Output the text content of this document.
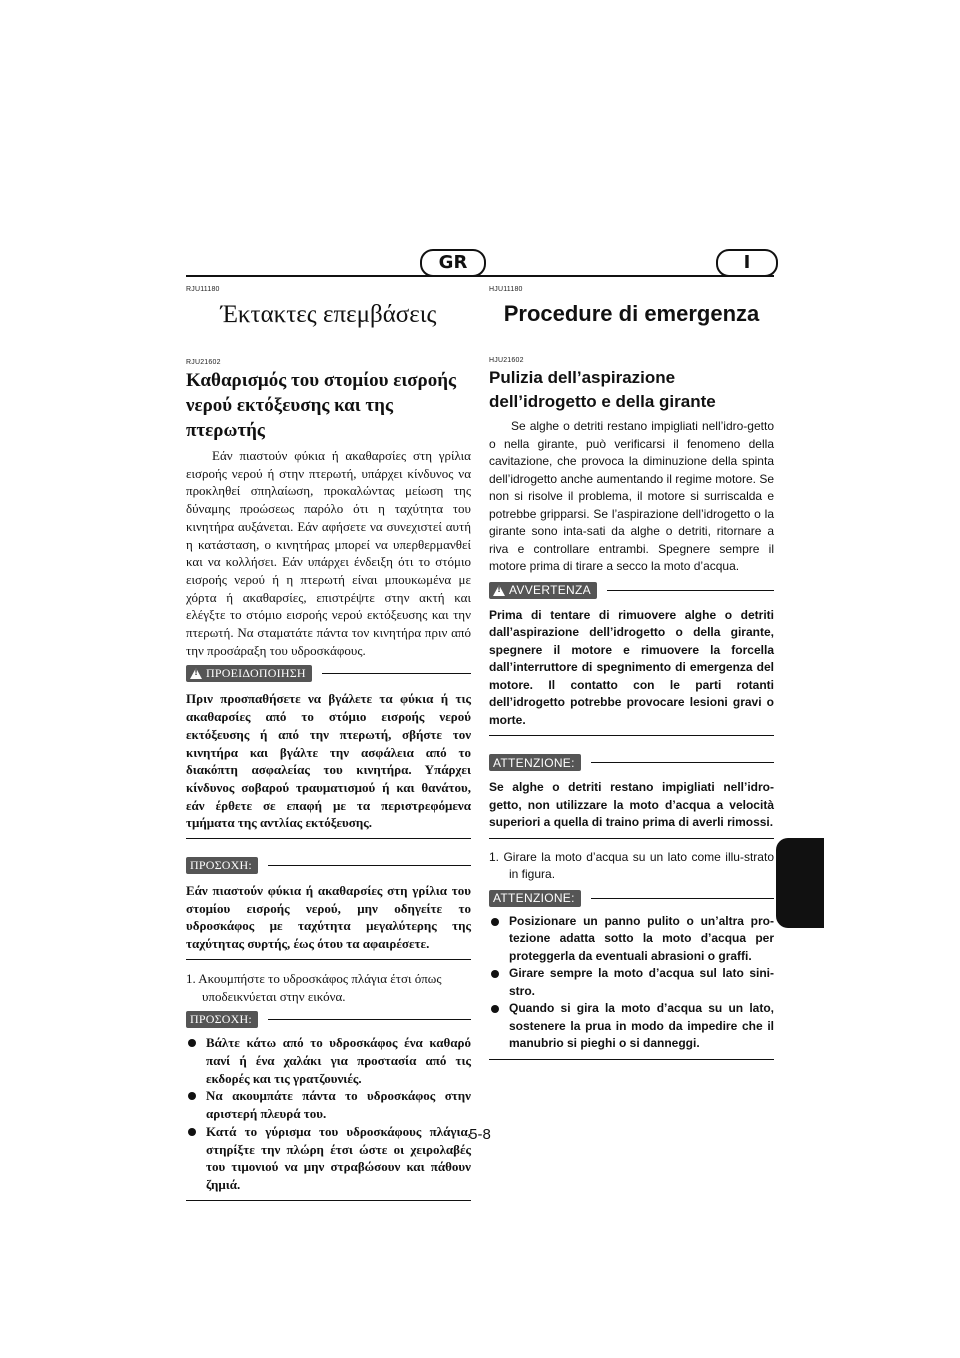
GR	I

RJU11180

Έκτακτες επεμβάσεις

RJU21602

Καθαρισμός του στομίου εισροής νερού εκτόξευσης και της πτερωτής

Εάν πιαστούν φύκια ή ακαθαρσίες στη γρίλια εισροής νερού ή στην πτερωτή, υπάρχει κίνδυνος να προκληθεί σπηλαίωση, προκαλώντας μείωση της δύναμης προώσεως παρόλο ότι η ταχύτητα του κινητήρα αυξάνεται. Εάν αφήσετε να συνεχιστεί αυτή η κατάσταση, ο κινητήρας μπορεί να υπερθερμανθεί και να κολλήσει. Εάν υπάρχει ένδειξη ότι το στόμιο εισροής νερού ή η πτερωτή είναι μπουκωμένα με χόρτα ή ακαθαρσίες, επιστρέψτε στην ακτή και ελέγξτε το στόμιο εισροής νερού εκτόξευσης και την πτερωτή. Να σταματάτε πάντα τον κινητήρα πριν από την προσάραξη του υδροσκάφους.

!
ΠΡΟΕΙΔΟΠΟΙΗΣΗ

Πριν προσπαθήσετε να βγάλετε τα φύκια ή τις ακαθαρσίες από το στόμιο εισροής νερού εκτόξευσης ή από την πτερωτή, σβήστε τον κινητήρα και βγάλτε την ασφάλεια από το διακόπτη ασφαλείας του κινητήρα. Υπάρχει κίνδυνος σοβαρού τραυματισμού ή και θανάτου, εάν έρθετε σε επαφή με τα περιστρεφόμενα τμήματα της αντλίας εκτόξευσης.

ΠΡΟΣΟΧΗ:

Εάν πιαστούν φύκια ή ακαθαρσίες στη γρίλια του στομίου εισροής νερού, μην οδηγείτε το υδροσκάφος με ταχύτητα μεγαλύτερης της ταχύτητας συρτής, έως ότου τα αφαιρέσετε.

1. Ακουμπήστε το υδροσκάφος πλάγια έτσι όπως υποδεικνύεται στην εικόνα.
ΠΡΟΣΟΧΗ:
Βάλτε κάτω από το υδροσκάφος ένα καθαρό πανί ή ένα χαλάκι για προστασία από τις εκδορές και τις γρατζουνιές.
Να ακουμπάτε πάντα το υδροσκάφος στην αριστερή πλευρά του.
Κατά το γύρισμα του υδροσκάφους πλάγια, στηρίξτε την πλώρη έτσι ώστε οι χειρολαβές του τιμονιού να μην στραβώσουν και πάθουν ζημιά.

HJU11180

Procedure di emergenza

HJU21602

Pulizia dell’aspirazione dell’idrogetto e della girante

Se alghe o detriti restano impigliati nell’idro-getto o nella girante, può verificarsi il fenomeno della cavitazione, che provoca la diminuzione della spinta dell’idrogetto anche aumentando il regime motore. Se non si risolve il problema, il motore si surriscalda e potrebbe gripparsi. Se l’aspirazione dell’idrogetto o la girante sono inta-sati da alghe o detriti, ritornare a riva e controllare entrambi. Spegnere sempre il motore prima di tirare a secco la moto d’acqua.

!
AVVERTENZA

Prima di tentare di rimuovere alghe o detriti dall’aspirazione dell’idrogetto o della girante, spegnere il motore e rimuovere la forcella dall’interruttore di spegnimento di emergenza del motore. Il contatto con le parti rotanti dell’idrogetto potrebbe provocare lesioni gravi o morte.

ATTENZIONE:

Se alghe o detriti restano impigliati nell’idro-getto, non utilizzare la moto d’acqua a velocità superiori a quella di traino prima di averli rimossi.

1. Girare la moto d’acqua su un lato come illu-strato in figura.
ATTENZIONE:
Posizionare un panno pulito o un’altra pro-tezione adatta sotto la moto d’acqua per proteggerla da eventuali abrasioni o graffi.
Girare sempre la moto d’acqua sul lato sini-stro.
Quando si gira la moto d’acqua su un lato, sostenere la prua in modo da impedire che il manubrio si pieghi o si danneggi.
5-8
